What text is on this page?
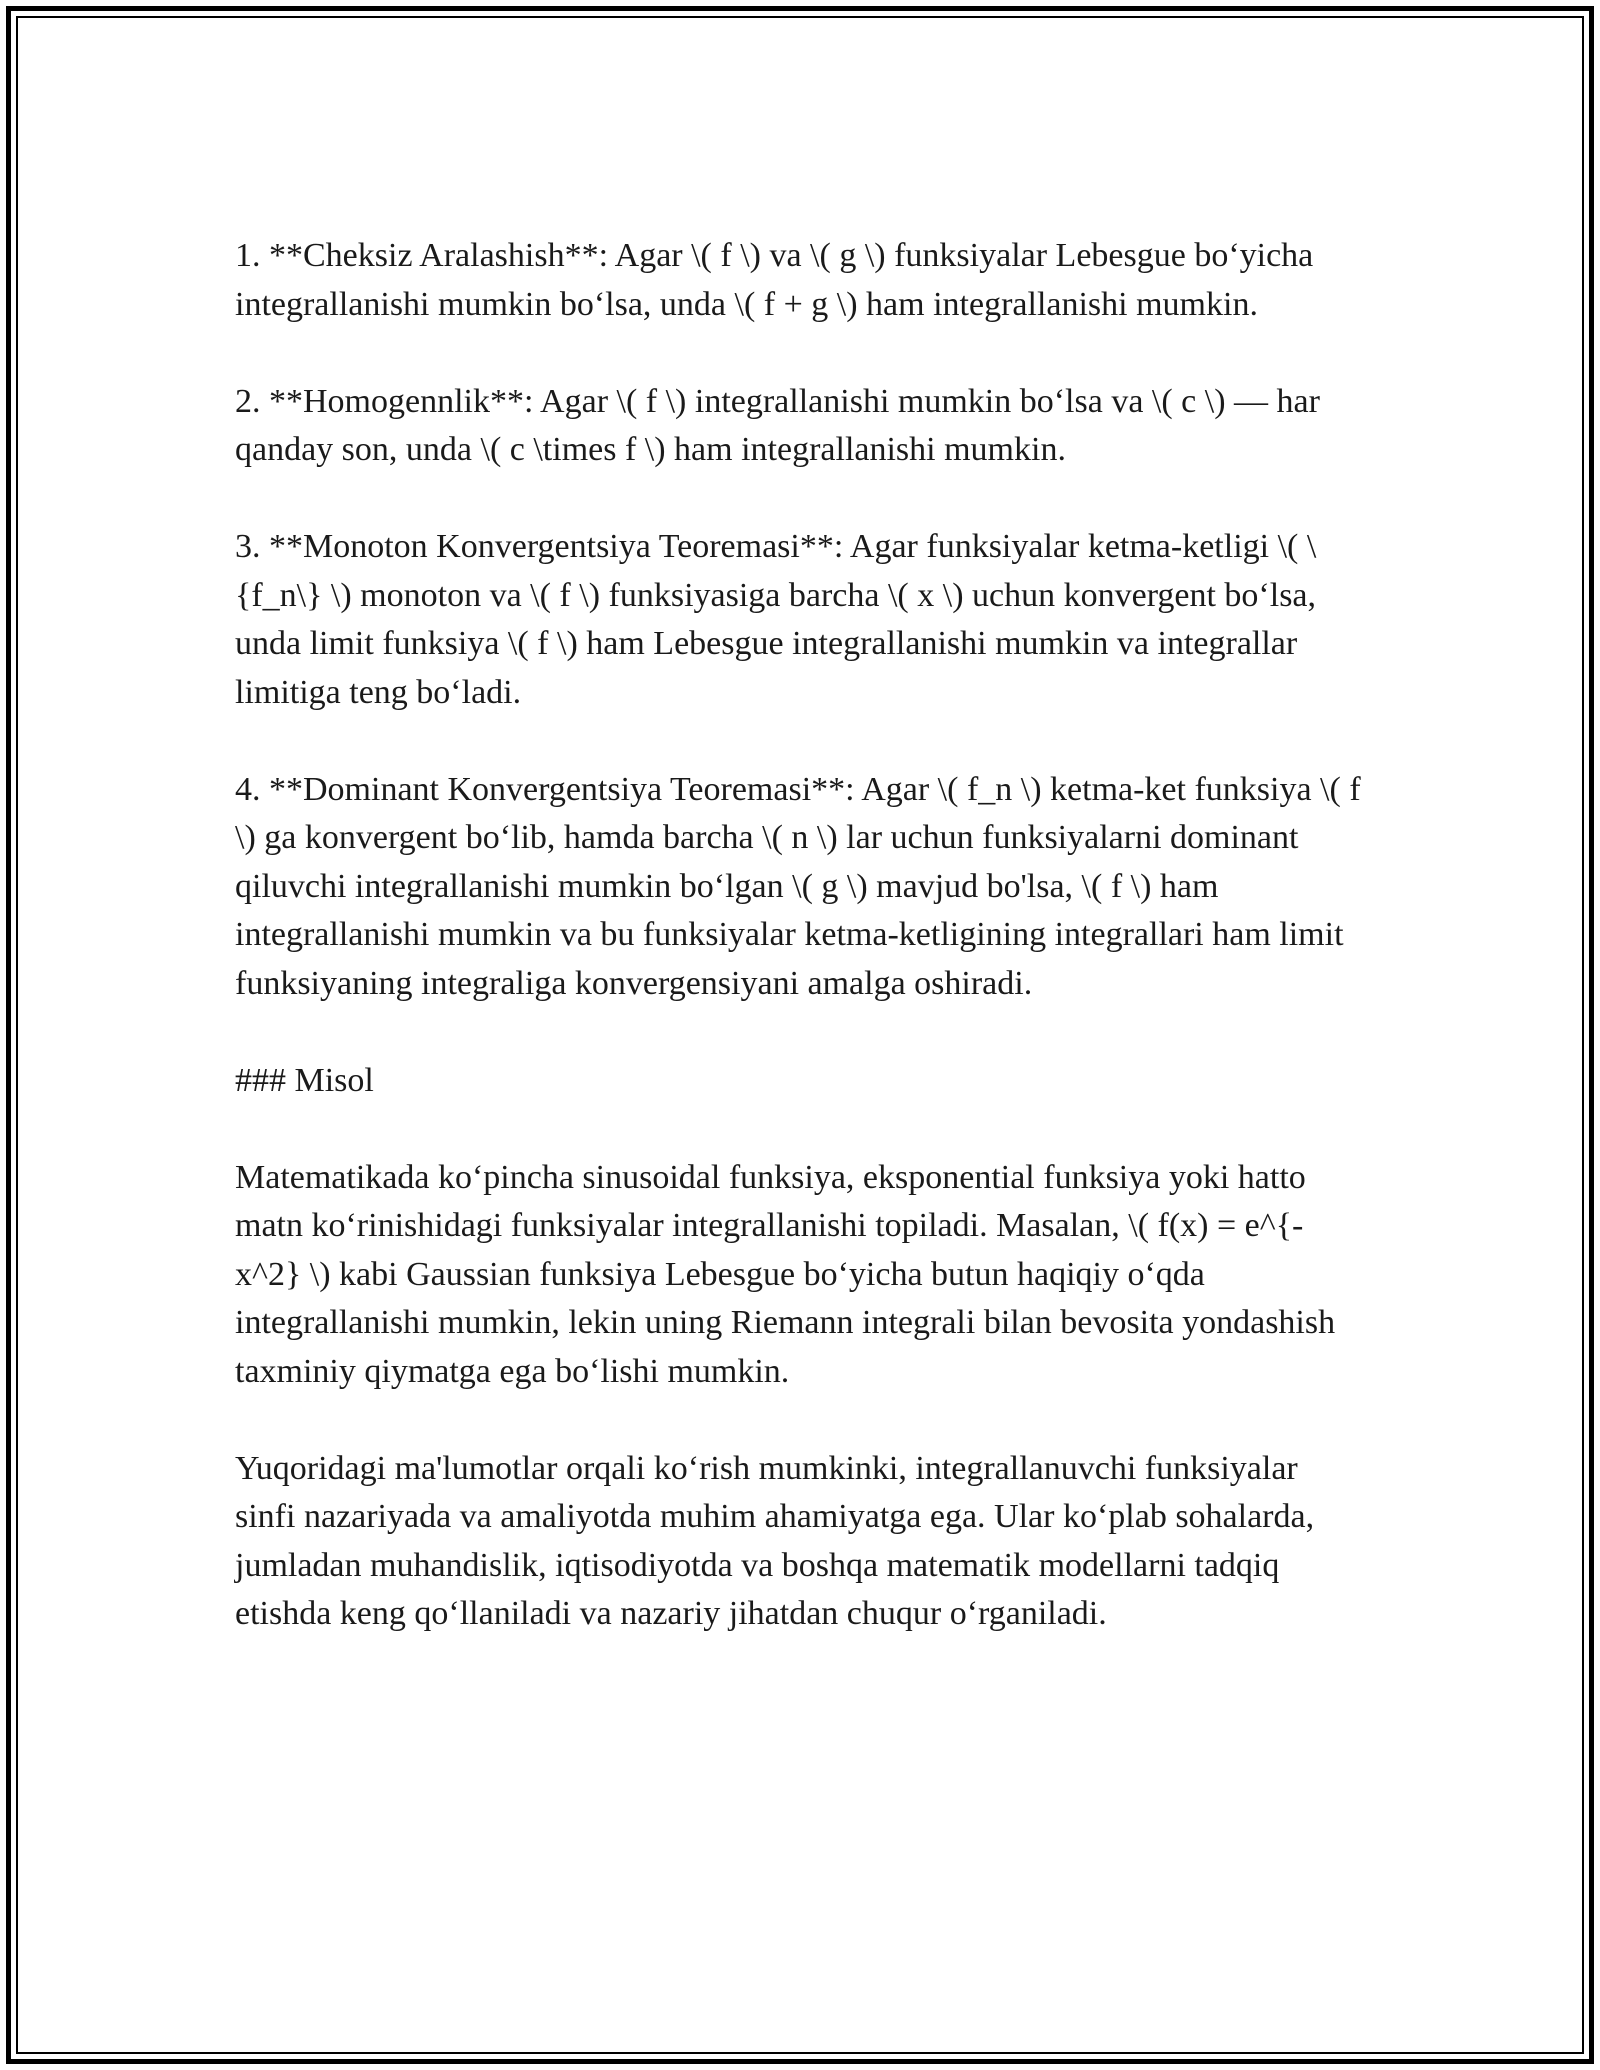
1. **Cheksiz Aralashish**: Agar \( f \) va \( g \) funksiyalar Lebesgue bo‘yicha integrallanishi mumkin bo‘lsa, unda \( f + g \) ham integrallanishi mumkin.

2. **Homogennlik**: Agar \( f \) integrallanishi mumkin bo‘lsa va \( c \) — har qanday son, unda \( c \times f \) ham integrallanishi mumkin.

3. **Monoton Konvergentsiya Teoremasi**: Agar funksiyalar ketma-ketligi \( \{f_n\} \) monoton va \( f \) funksiyasiga barcha \( x \) uchun konvergent bo‘lsa, unda limit funksiya \( f \) ham Lebesgue integrallanishi mumkin va integrallar limitiga teng bo‘ladi.

4. **Dominant Konvergentsiya Teoremasi**: Agar \( f_n \) ketma-ket funksiya \( f \) ga konvergent bo‘lib, hamda barcha \( n \) lar uchun funksiyalarni dominant qiluvchi integrallanishi mumkin bo‘lgan \( g \) mavjud bo'lsa, \( f \) ham integrallanishi mumkin va bu funksiyalar ketma-ketligining integrallari ham limit funksiyaning integraliga konvergensiyani amalga oshiradi.

### Misol

Matematikada ko‘pincha sinusoidal funksiya, eksponential funksiya yoki hatto matn ko‘rinishidagi funksiyalar integrallanishi topiladi. Masalan, \( f(x) = e^{-x^2} \) kabi Gaussian funksiya Lebesgue bo‘yicha butun haqiqiy o‘qda integrallanishi mumkin, lekin uning Riemann integrali bilan bevosita yondashish taxminiy qiymatga ega bo‘lishi mumkin.

Yuqoridagi ma'lumotlar orqali ko‘rish mumkinki, integrallanuvchi funksiyalar sinfi nazariyada va amaliyotda muhim ahamiyatga ega. Ular ko‘plab sohalarda, jumladan muhandislik, iqtisodiyotda va boshqa matematik modellarni tadqiq etishda keng qo‘llaniladi va nazariy jihatdan chuqur o‘rganiladi.
